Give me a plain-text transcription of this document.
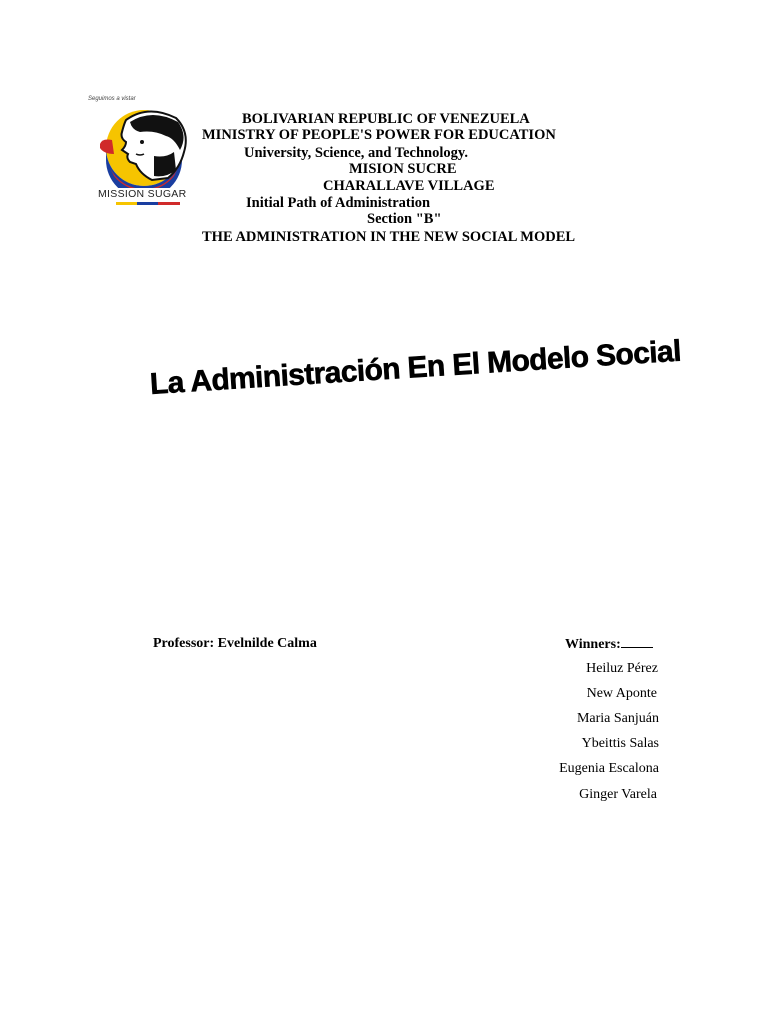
Seguimos a vistar
MISSION SUGAR
BOLIVARIAN REPUBLIC OF VENEZUELA
MINISTRY OF PEOPLE'S POWER FOR EDUCATION
University, Science, and Technology.
MISION SUCRE
CHARALLAVE VILLAGE
Initial Path of Administration
Section "B"
THE ADMINISTRATION IN THE NEW SOCIAL MODEL
La Administración En El Modelo Social
Professor: Evelnilde Calma	Winners:
Heiluz Pérez
New Aponte
Maria Sanjuán
Ybeittis Salas
Eugenia Escalona
Ginger Varela
